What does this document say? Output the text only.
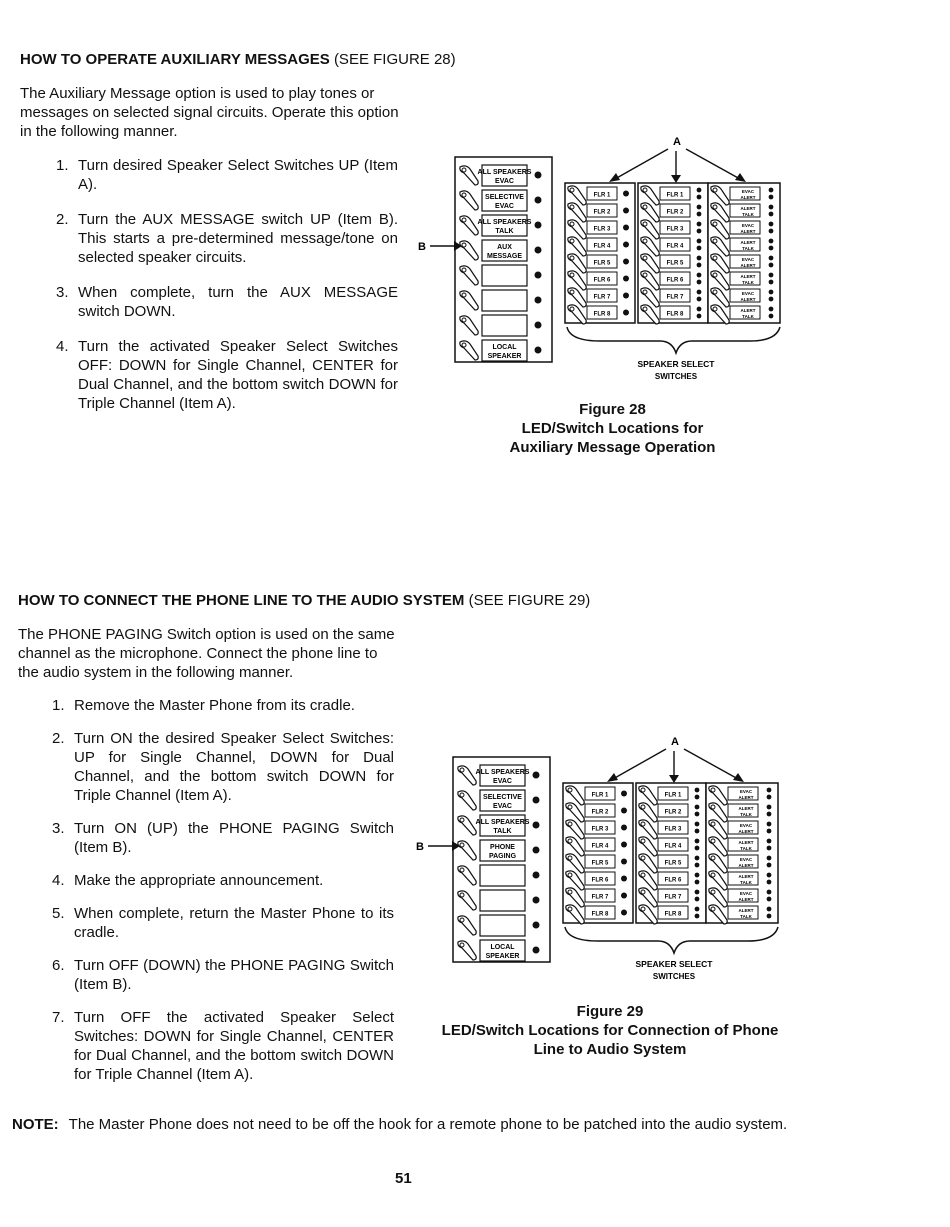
HOW TO OPERATE AUXILIARY MESSAGES (SEE FIGURE 28)
The Auxiliary Message option is used to play tones or messages on selected signal circuits. Operate this option in the following manner.
1. Turn desired Speaker Select Switches UP (Item A).
2. Turn the AUX MESSAGE switch UP (Item B). This starts a pre-determined message/tone on selected speaker circuits.
3. When complete, turn the AUX MESSAGE switch DOWN.
4. Turn the activated Speaker Select Switches OFF: DOWN for Single Channel, CENTER for Dual Channel, and the bottom switch DOWN for Triple Channel (Item A).
ALL SPEAKERS
EVAC
SELECTIVE
EVAC
ALL SPEAKERS
TALK
AUX
MESSAGE
LOCAL
SPEAKER
B
FLR 1
FLR 2
FLR 3
FLR 4
FLR 5
FLR 6
FLR 7
FLR 8
FLR 1
FLR 2
FLR 3
FLR 4
FLR 5
FLR 6
FLR 7
FLR 8
EVAC
ALERT
ALERT
TALK
EVAC
ALERT
ALERT
TALK
EVAC
ALERT
ALERT
TALK
EVAC
ALERT
ALERT
TALK
A
SPEAKER SELECT
SWITCHES
Figure 28
LED/Switch Locations for
Auxiliary Message Operation
HOW TO CONNECT THE PHONE LINE TO THE AUDIO SYSTEM (SEE FIGURE 29)
The PHONE PAGING Switch option is used on the same channel as the microphone. Connect the phone line to the audio system in the following manner.
1. Remove the Master Phone from its cradle.
2. Turn ON the desired Speaker Select Switches: UP for Single Channel, DOWN for Dual Channel, and the bottom switch DOWN for Triple Channel (Item A).
3. Turn ON (UP) the PHONE PAGING Switch (Item B).
4. Make the appropriate announcement.
5. When complete, return the Master Phone to its cradle.
6. Turn OFF (DOWN) the PHONE PAGING Switch (Item B).
7. Turn OFF the activated Speaker Select Switches: DOWN for Single Channel, CENTER for Dual Channel, and the bottom switch DOWN for Triple Channel (Item A).
ALL SPEAKERS
EVAC
SELECTIVE
EVAC
ALL SPEAKERS
TALK
PHONE
PAGING
LOCAL
SPEAKER
B
FLR 1
FLR 2
FLR 3
FLR 4
FLR 5
FLR 6
FLR 7
FLR 8
FLR 1
FLR 2
FLR 3
FLR 4
FLR 5
FLR 6
FLR 7
FLR 8
EVAC
ALERT
ALERT
TALK
EVAC
ALERT
ALERT
TALK
EVAC
ALERT
ALERT
TALK
EVAC
ALERT
ALERT
TALK
A
SPEAKER SELECT
SWITCHES
Figure 29
LED/Switch Locations for Connection of Phone
Line to Audio System
NOTE: The Master Phone does not need to be off the hook for a remote phone to be patched into the audio system.
51
